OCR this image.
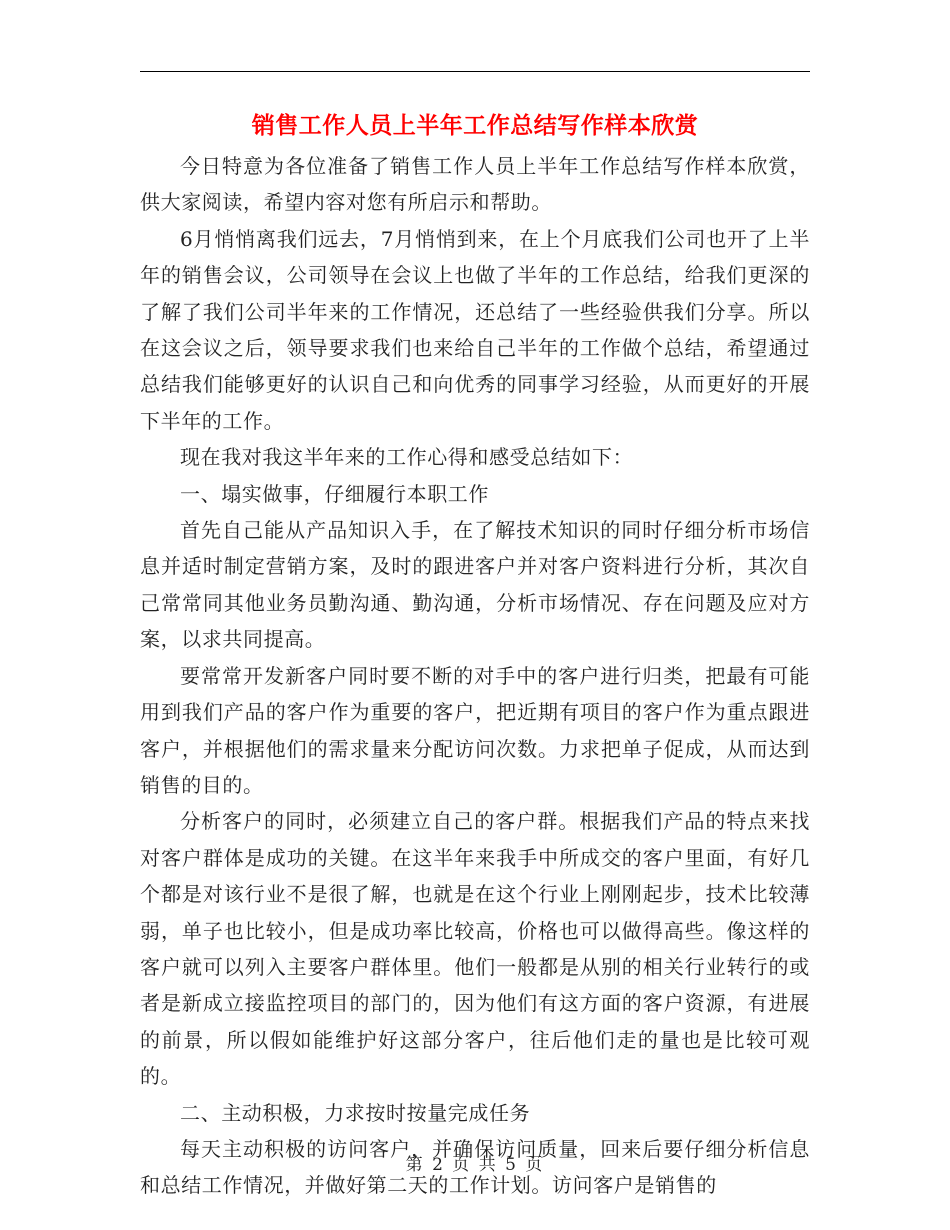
销售工作人员上半年工作总结写作样本欣赏

今日特意为各位准备了销售工作人员上半年工作总结写作样本欣赏，供大家阅读，希望内容对您有所启示和帮助。

6月悄悄离我们远去，7月悄悄到来，在上个月底我们公司也开了上半年的销售会议，公司领导在会议上也做了半年的工作总结，给我们更深的了解了我们公司半年来的工作情况，还总结了一些经验供我们分享。所以在这会议之后，领导要求我们也来给自己半年的工作做个总结，希望通过总结我们能够更好的认识自己和向优秀的同事学习经验，从而更好的开展下半年的工作。

现在我对我这半年来的工作心得和感受总结如下：

一、塌实做事，仔细履行本职工作

首先自己能从产品知识入手，在了解技术知识的同时仔细分析市场信息并适时制定营销方案，及时的跟进客户并对客户资料进行分析，其次自己常常同其他业务员勤沟通、勤沟通，分析市场情况、存在问题及应对方案，以求共同提高。

要常常开发新客户同时要不断的对手中的客户进行归类，把最有可能用到我们产品的客户作为重要的客户，把近期有项目的客户作为重点跟进客户，并根据他们的需求量来分配访问次数。力求把单子促成，从而达到销售的目的。

分析客户的同时，必须建立自己的客户群。根据我们产品的特点来找对客户群体是成功的关键。在这半年来我手中所成交的客户里面，有好几个都是对该行业不是很了解，也就是在这个行业上刚刚起步，技术比较薄弱，单子也比较小，但是成功率比较高，价格也可以做得高些。像这样的客户就可以列入主要客户群体里。他们一般都是从别的相关行业转行的或者是新成立接监控项目的部门的，因为他们有这方面的客户资源，有进展的前景，所以假如能维护好这部分客户，往后他们走的量也是比较可观的。

二、主动积极，力求按时按量完成任务

每天主动积极的访问客户，并确保访问质量，回来后要仔细分析信息和总结工作情况，并做好第二天的工作计划。访问客户是销售的

第 2 页 共 5 页
